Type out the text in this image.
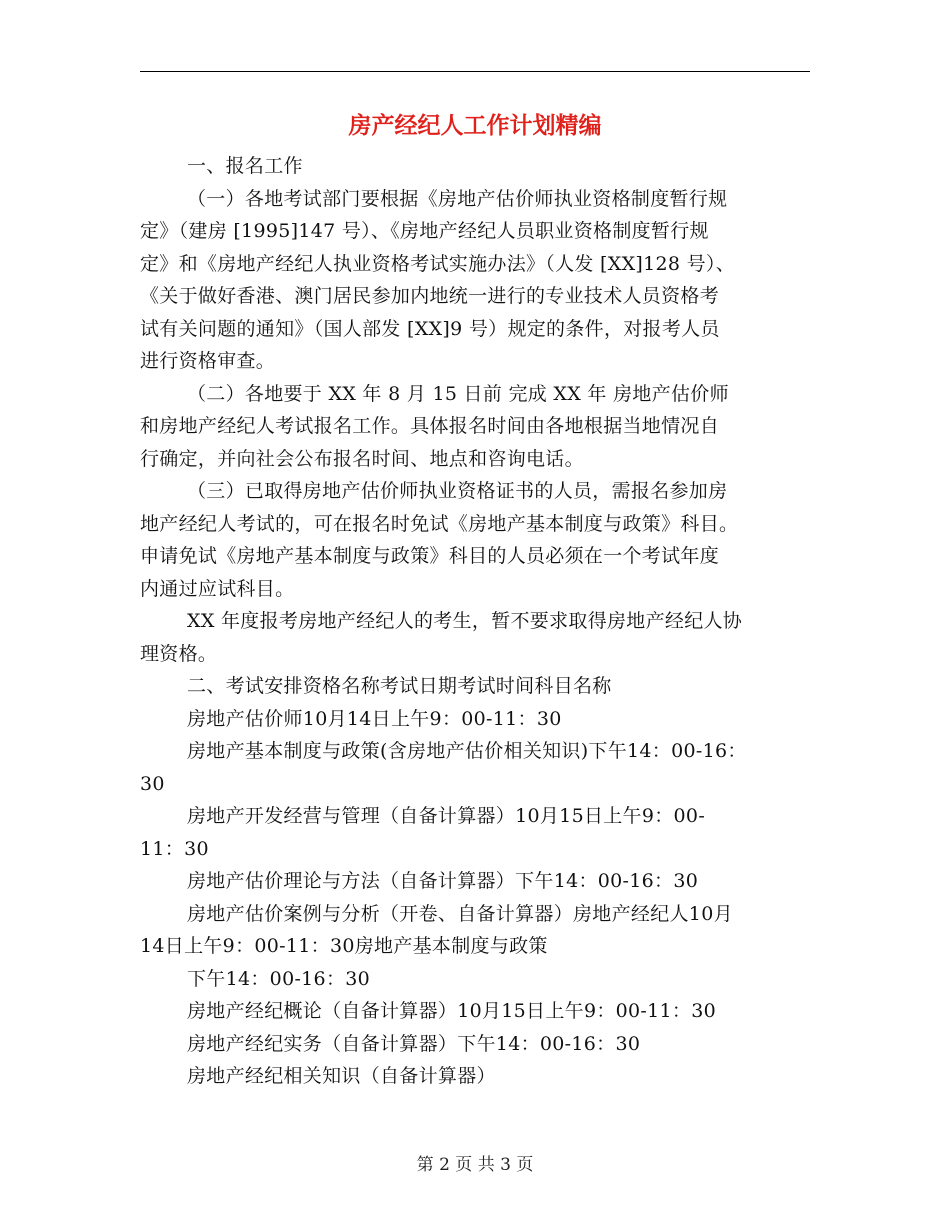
房产经纪人工作计划精编

一、报名工作

（一）各地考试部门要根据《房地产估价师执业资格制度暂行规
定》（建房 [1995]147 号）、《房地产经纪人员职业资格制度暂行规
定》和《房地产经纪人执业资格考试实施办法》（人发 [XX]128 号）、
《关于做好香港、澳门居民参加内地统一进行的专业技术人员资格考
试有关问题的通知》（国人部发 [XX]9 号）规定的条件，对报考人员
进行资格审查。

（二）各地要于 XX 年 8 月 15 日前 完成 XX 年 房地产估价师
和房地产经纪人考试报名工作。具体报名时间由各地根据当地情况自
行确定，并向社会公布报名时间、地点和咨询电话。

（三）已取得房地产估价师执业资格证书的人员，需报名参加房
地产经纪人考试的，可在报名时免试《房地产基本制度与政策》科目。
申请免试《房地产基本制度与政策》科目的人员必须在一个考试年度
内通过应试科目。

XX 年度报考房地产经纪人的考生，暂不要求取得房地产经纪人协
理资格。

二、考试安排资格名称考试日期考试时间科目名称

房地产估价师10月14日上午9：00-11：30

房地产基本制度与政策(含房地产估价相关知识)下午14：00-16：
30

房地产开发经营与管理（自备计算器）10月15日上午9：00-
11：30

房地产估价理论与方法（自备计算器）下午14：00-16：30

房地产估价案例与分析（开卷、自备计算器）房地产经纪人10月
14日上午9：00-11：30房地产基本制度与政策

下午14：00-16：30

房地产经纪概论（自备计算器）10月15日上午9：00-11：30

房地产经纪实务（自备计算器）下午14：00-16：30

房地产经纪相关知识（自备计算器）

第 2 页 共 3 页
